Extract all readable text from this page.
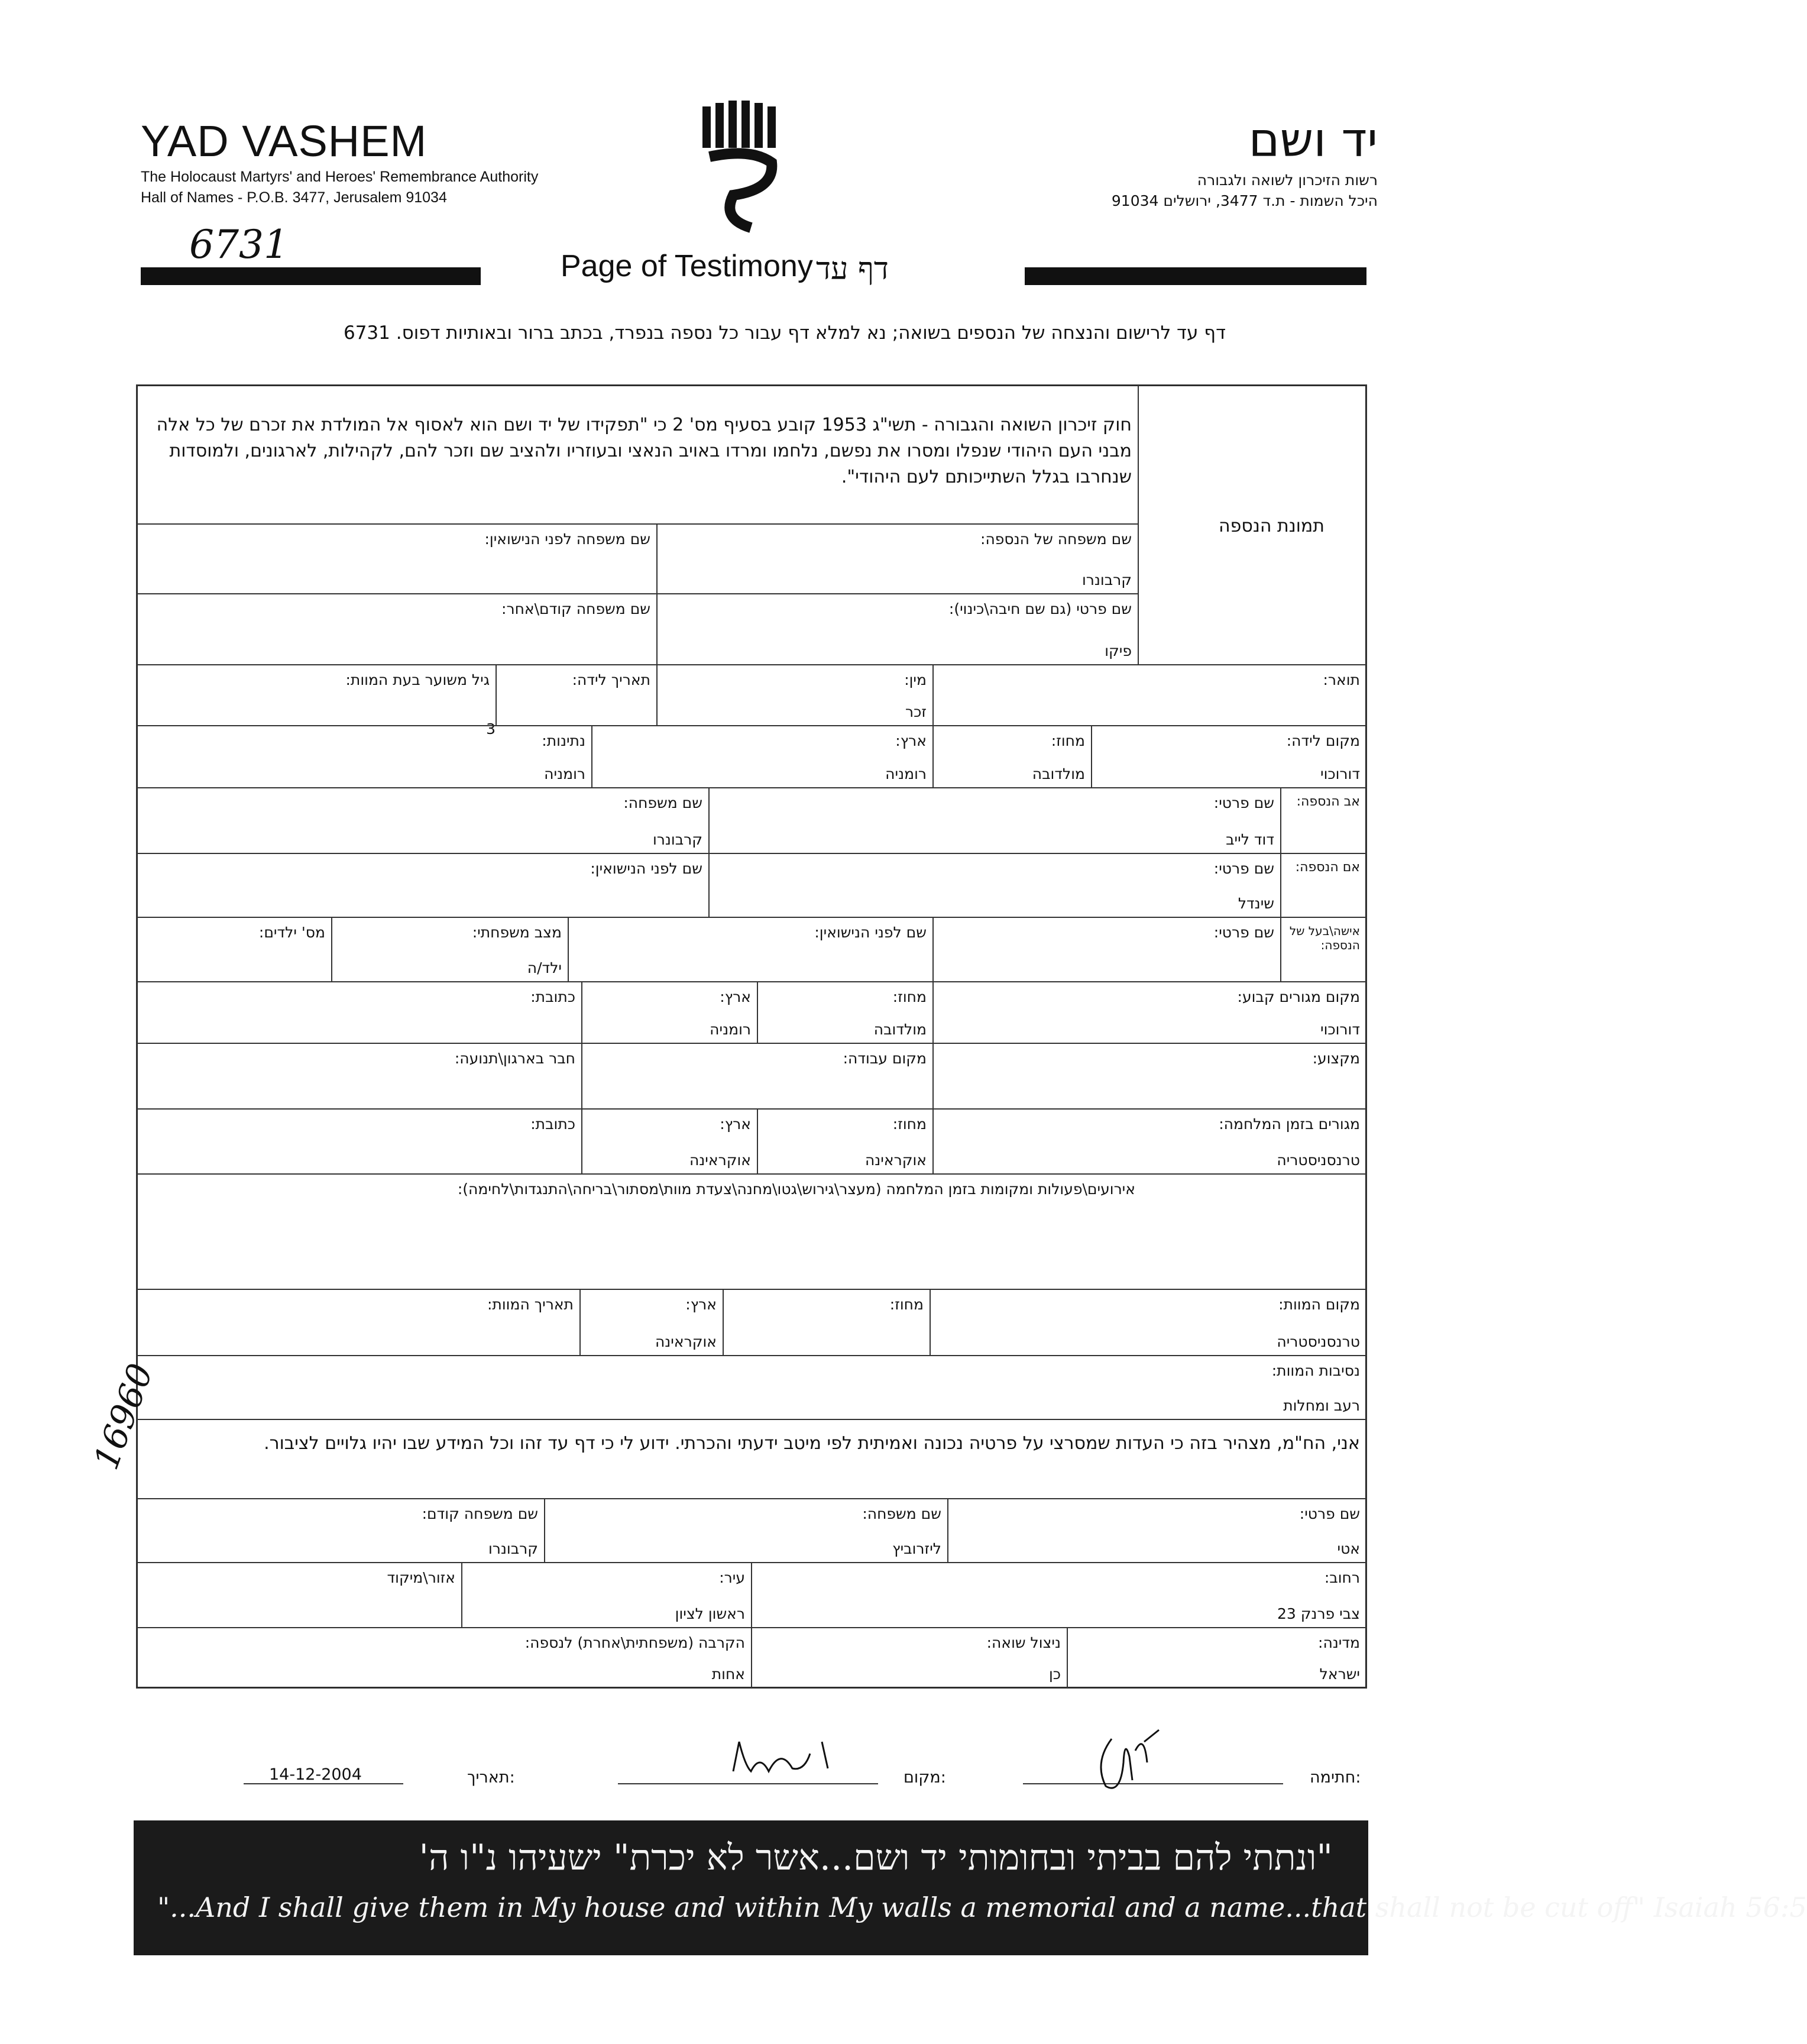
YAD VASHEM
The Holocaust Martyrs' and Heroes' Remembrance Authority
Hall of Names - P.O.B. 3477, Jerusalem 91034
יד ושם
רשות הזיכרון לשואה ולגבורה
היכל השמות - ת.ד 3477, ירושלים 91034
6731	Page of Testimony דף עד
דף עד לרישום והנצחה של הנספים בשואה; נא למלא דף עבור כל נספה בנפרד, בכתב ברור ובאותיות דפוס. 6731
חוק זיכרון השואה והגבורה - תשי"ג 1953 קובע בסעיף מס' 2 כי "תפקידו של יד ושם הוא לאסוף אל המולדת את זכרם של כל אלה מבני העם היהודי שנפלו ומסרו את נפשם, נלחמו ומרדו באויב הנאצי ובעוזריו ולהציב שם וזכר להם, לקהילות, לארגונים, ולמוסדות שנחרבו בגלל השתייכותם לעם היהודי".
תמונת הנספה
שם משפחה של הנספה:
קרבונרו
שם משפחה לפני הנישואין:
שם פרטי (גם שם חיבה\כינוי):
פיקו
שם משפחה קודם\אחר:
תואר:
מין:
זכר
תאריך לידה:
גיל משוער בעת המוות:
3
מקום לידה:
דורוכוי
מחוז:
מולדובה
ארץ:
רומניה
נתינות:
רומניה
אב הנספה:
שם פרטי:
דוד לייב
שם משפחה:
קרבונרו
אם הנספה:
שם פרטי:
שינדל
שם לפני הנישואין:
אישה\בעל של הנספה:
שם פרטי:
שם לפני הנישואין:
מצב משפחתי:
ילד/ה
מס' ילדים:
מקום מגורים קבוע:
דורוכוי
מחוז:
מולדובה
ארץ:
רומניה
כתובת:
מקצוע:
מקום עבודה:
חבר בארגון\תנועה:
מגורים בזמן המלחמה:
טרנסניסטריה
מחוז:
אוקראינה
ארץ:
אוקראינה
כתובת:
אירועים\פעולות ומקומות בזמן המלחמה (מעצר\גירוש\גטו\מחנה\צעדת מוות\מסתור\בריחה\התנגדות\לחימה):
מקום המוות:
טרנסניסטריה
מחוז:
ארץ:
אוקראינה
תאריך המוות:
נסיבות המוות:
רעב ומחלות
אני, הח"מ, מצהיר בזה כי העדות שמסרצי על פרטיה נכונה ואמיתית לפי מיטב ידעתי והכרתי. ידוע לי כי דף עד זהו וכל המידע שבו יהיו גלויים לציבור.
שם פרטי:
אטי
שם משפחה:
ליזרוביץ
שם משפחה קודם:
קרבונרו
רחוב:
צבי פרנק 23
עיר:
ראשון לציון
אזור\מיקוד
מדינה:
ישראל
ניצול שואה:
כן
הקרבה (משפחתית\אחרת) לנספה:
אחות
16960
חתימה:
מקום:
תאריך:
14-12-2004
"ונתתי להם בביתי ובחומותי יד ושם...אשר לא יכרת" ישעיהו נ"ו ה'
"...And I shall give them in My house and within My walls a memorial and a name...that shall not be cut off" Isaiah 56:5
